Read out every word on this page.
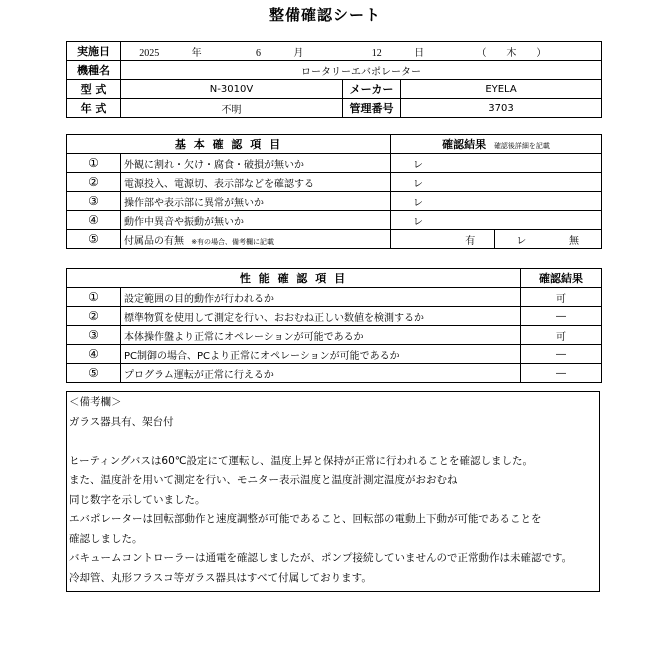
整備確認シート
実施日	2025 年 6 月 12 日 （　　木　　）		
機種名	ロータリーエバポレーター		
型 式	N-3010V	メーカー	EYELA
年 式	不明	管理番号	3703
基 本 確 認 項 目		確認結果 確認後詳細を記載			
①	外観に割れ・欠け・腐食・破損が無いか	レ			
②	電源投入、電源切、表示部などを確認する	レ			
③	操作部や表示部に異常が無いか	レ			
④	動作中異音や振動が無いか	レ			
⑤	付属品の有無 ※有の場合、備考欄に記載		有	レ	無
性 能 確 認 項 目		確認結果
①	設定範囲の目的動作が行われるか	可
②	標準物質を使用して測定を行い、おおむね正しい数値を検測するか	―
③	本体操作盤より正常にオペレーションが可能であるか	可
④	PC制御の場合、PCより正常にオペレーションが可能であるか	―
⑤	プログラム運転が正常に行えるか	―
＜備考欄＞
ガラス器具有、架台付
ヒーティングバスは60℃設定にて運転し、温度上昇と保持が正常に行われることを確認しました。
また、温度計を用いて測定を行い、モニター表示温度と温度計測定温度がおおむね
同じ数字を示していました。
エバポレーターは回転部動作と速度調整が可能であること、回転部の電動上下動が可能であることを
確認しました。
バキュームコントローラーは通電を確認しましたが、ポンプ接続していませんので正常動作は未確認です。
冷却管、丸形フラスコ等ガラス器具はすべて付属しております。
